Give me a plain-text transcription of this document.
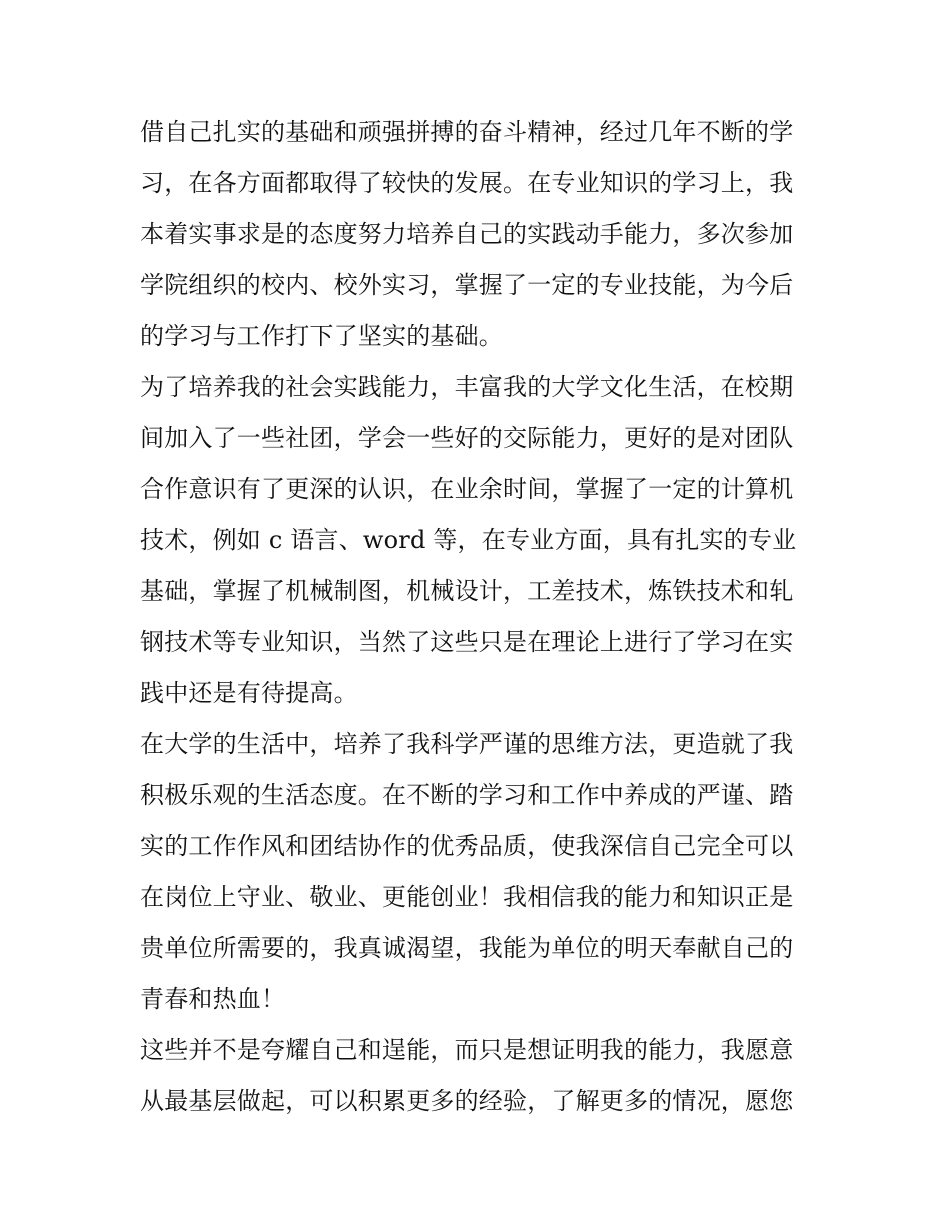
借自己扎实的基础和顽强拼搏的奋斗精神，经过几年不断的学
习，在各方面都取得了较快的发展。在专业知识的学习上，我
本着实事求是的态度努力培养自己的实践动手能力，多次参加
学院组织的校内、校外实习，掌握了一定的专业技能，为今后
的学习与工作打下了坚实的基础。
为了培养我的社会实践能力，丰富我的大学文化生活，在校期
间加入了一些社团，学会一些好的交际能力，更好的是对团队
合作意识有了更深的认识，在业余时间，掌握了一定的计算机
技术，例如 c 语言、word 等，在专业方面，具有扎实的专业
基础，掌握了机械制图，机械设计，工差技术，炼铁技术和轧
钢技术等专业知识，当然了这些只是在理论上进行了学习在实
践中还是有待提高。
在大学的生活中，培养了我科学严谨的思维方法，更造就了我
积极乐观的生活态度。在不断的学习和工作中养成的严谨、踏
实的工作作风和团结协作的优秀品质，使我深信自己完全可以
在岗位上守业、敬业、更能创业！我相信我的能力和知识正是
贵单位所需要的，我真诚渴望，我能为单位的明天奉献自己的
青春和热血！
这些并不是夸耀自己和逞能，而只是想证明我的能力，我愿意
从最基层做起，可以积累更多的经验，了解更多的情况，愿您
